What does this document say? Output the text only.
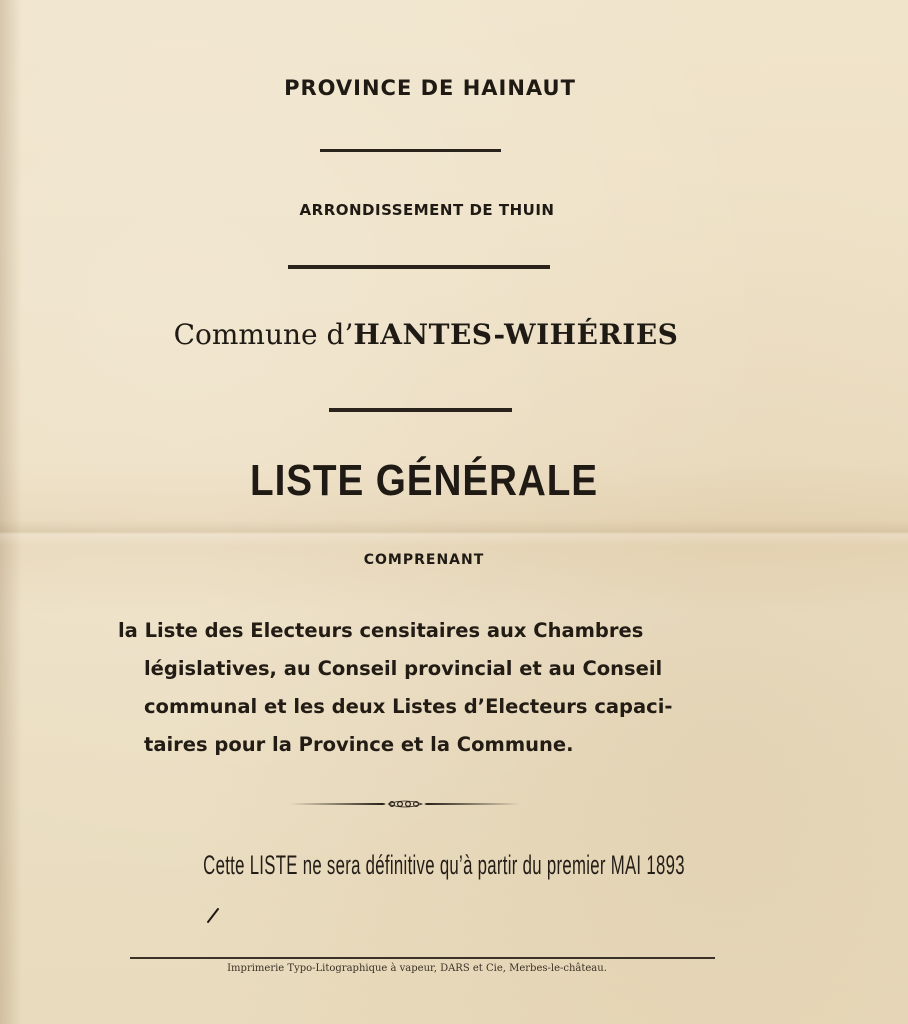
PROVINCE DE HAINAUT
ARRONDISSEMENT DE THUIN
Commune d’HANTES-WIHÉRIES
LISTE GÉNÉRALE
COMPRENANT
la Liste des Electeurs censitaires aux Chambres
législatives, au Conseil provincial et au Conseil
communal et les deux Listes d’Electeurs capaci-
taires pour la Province et la Commune.
Cette LISTE ne sera définitive qu’à partir du premier MAI 1893
Imprimerie Typo-Litographique à vapeur, DARS et Cie, Merbes-le-château.
